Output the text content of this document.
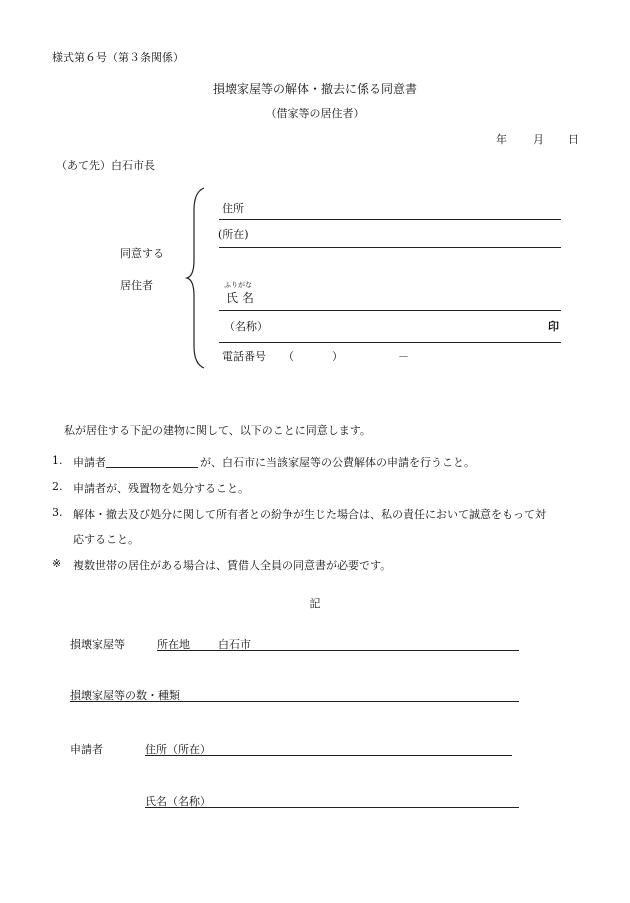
様式第６号（第３条関係）
損壊家屋等の解体・撤去に係る同意書
（借家等の居住者）
年 月 日
（あて先）白石市長
同意する
居住者
住所
(所在)
ふりがな
氏 名
（名称）	印
電話番号 （	）	－
私が居住する下記の建物に関して、以下のことに同意します。
1. 申請者	が、白石市に当該家屋等の公費解体の申請を行うこと。
2. 申請者が、残置物を処分すること。
3. 解体・撤去及び処分に関して所有者との紛争が生じた場合は、私の責任において誠意をもって対
応すること。
※ 複数世帯の居住がある場合は、賃借人全員の同意書が必要です。
記
損壊家屋等	所在地	白石市
損壊家屋等の数・種類
申請者	住所（所在）
氏名（名称）
